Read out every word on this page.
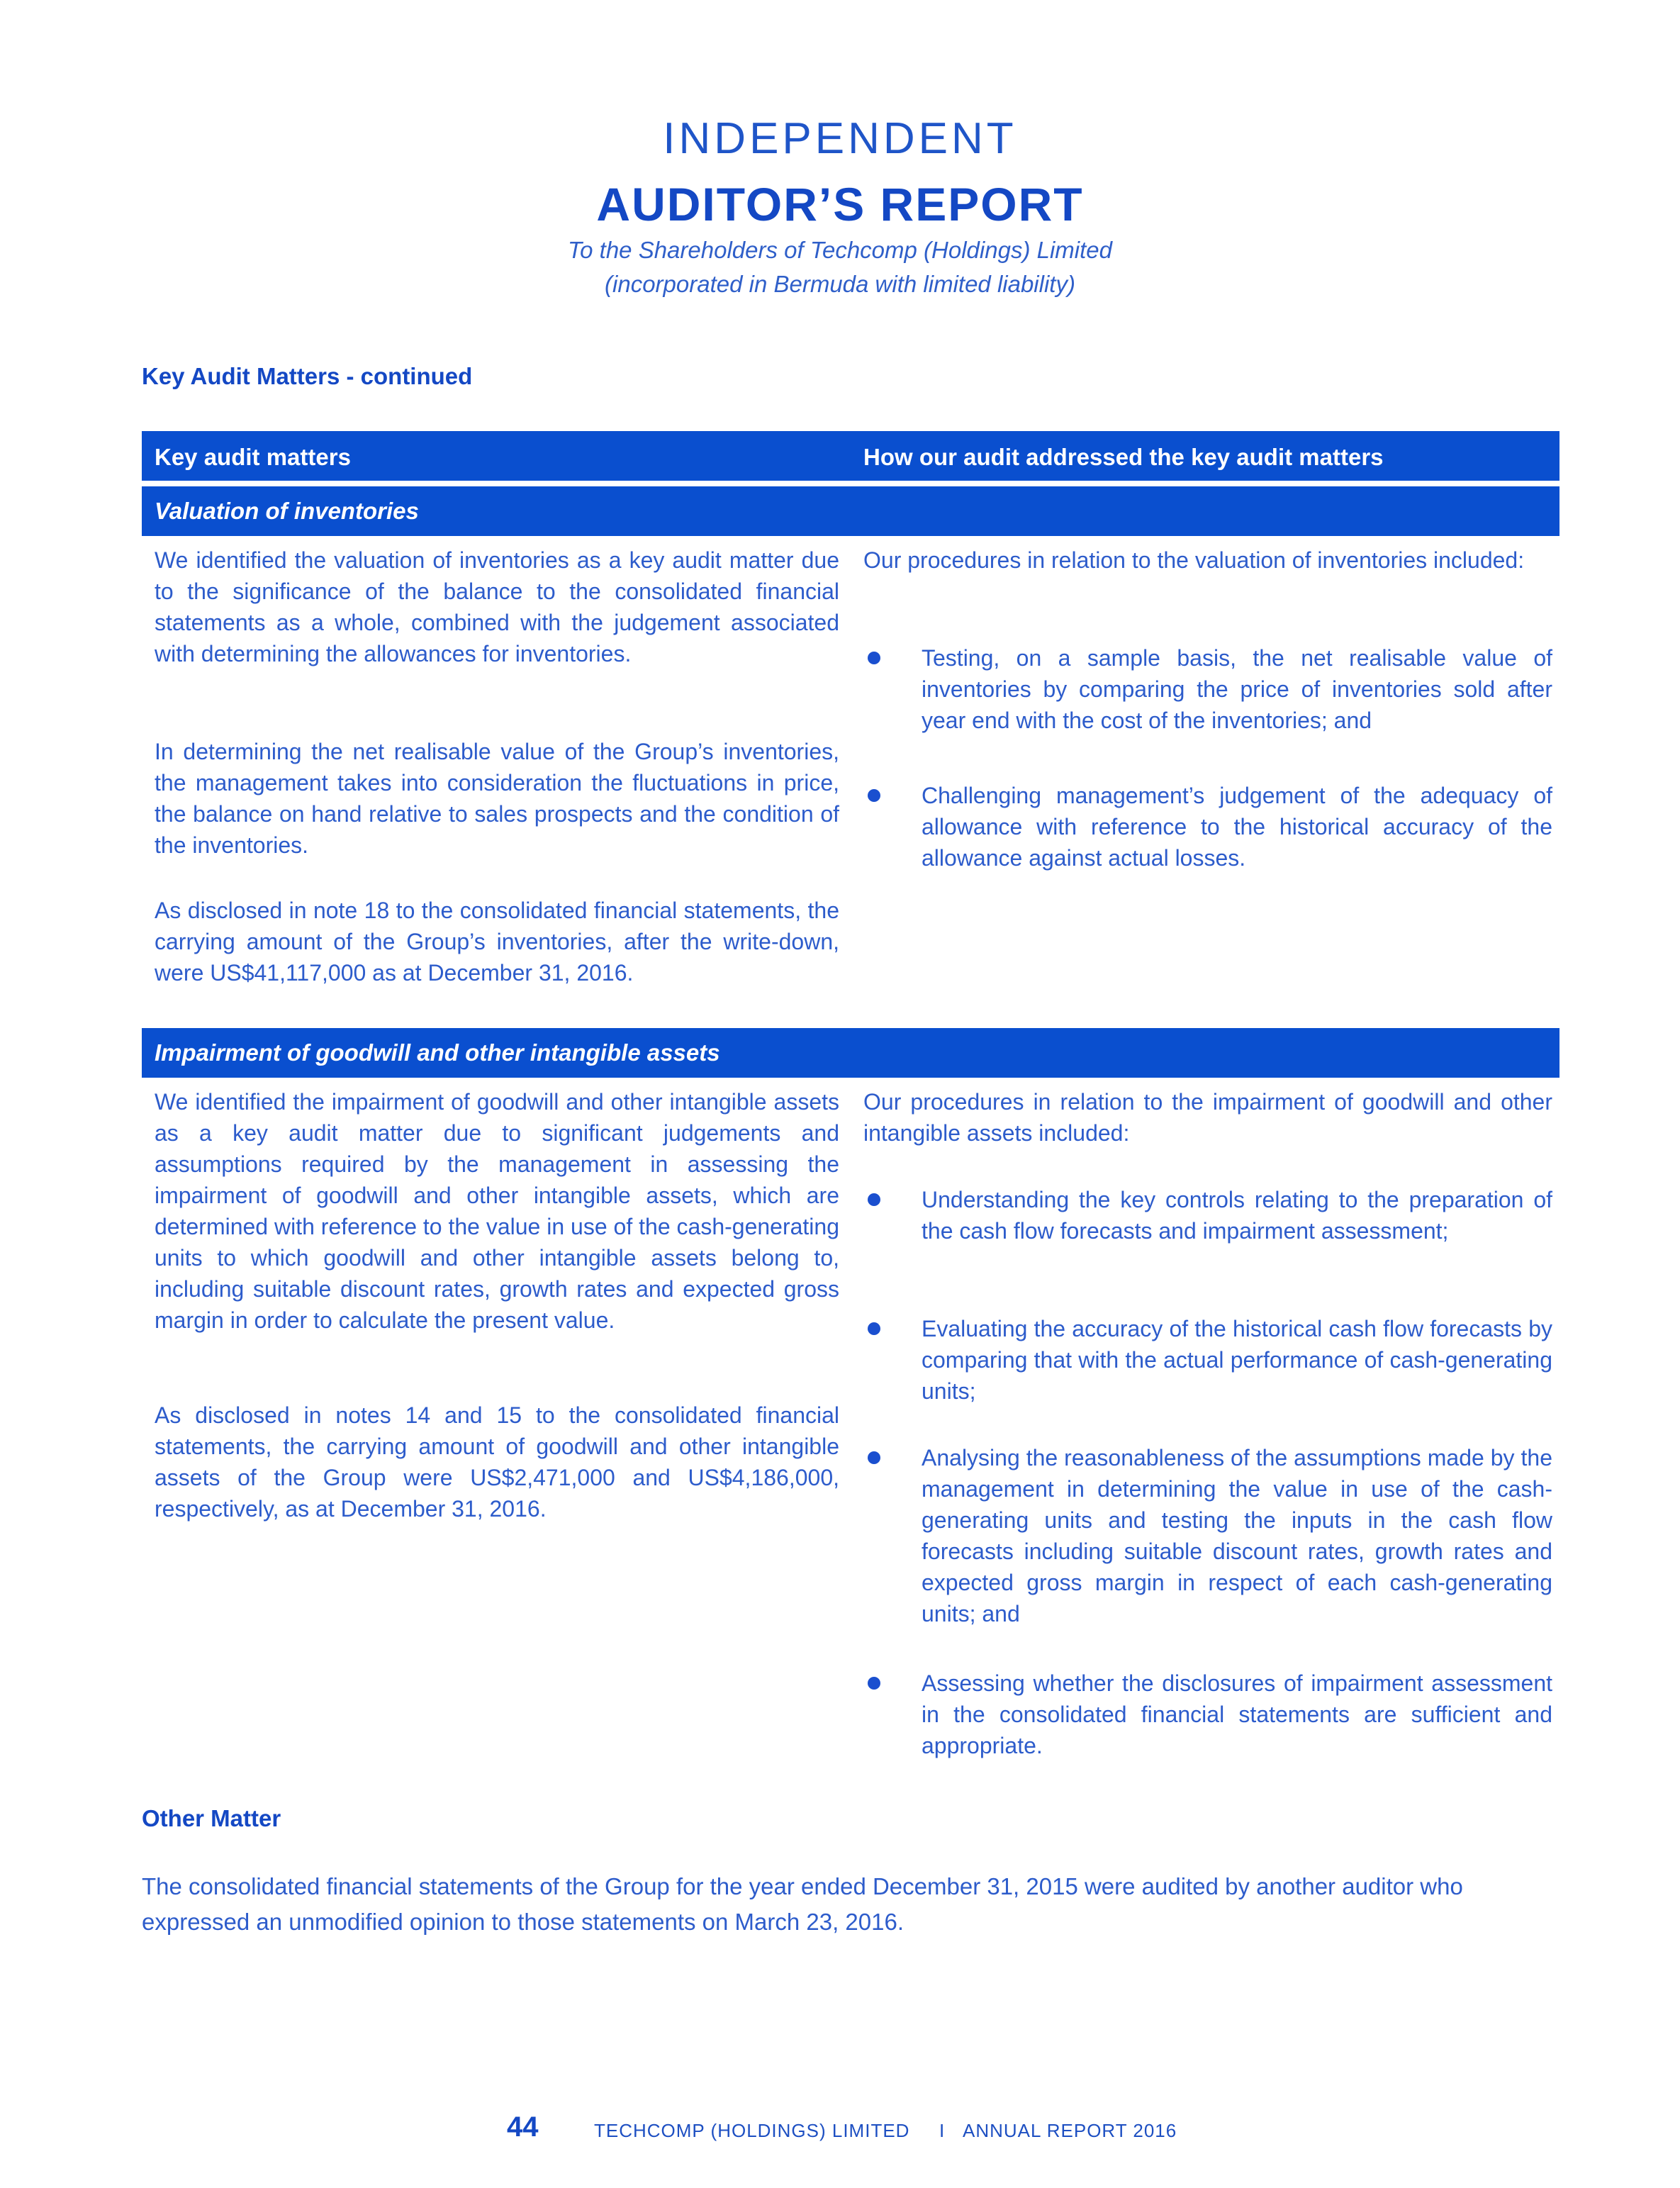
INDEPENDENT
AUDITOR’S REPORT
To the Shareholders of Techcomp (Holdings) Limited
(incorporated in Bermuda with limited liability)
Key Audit Matters - continued
Key audit matters	How our audit addressed the key audit matters
Valuation of inventories
We identified the valuation of inventories as a key audit matter due to the significance of the balance to the consolidated financial statements as a whole, combined with the judgement associated with determining the allowances for inventories.
In determining the net realisable value of the Group’s inventories, the management takes into consideration the fluctuations in price, the balance on hand relative to sales prospects and the condition of the inventories.
As disclosed in note 18 to the consolidated financial statements, the carrying amount of the Group’s inventories, after the write-down, were US$41,117,000 as at December 31, 2016.
Our procedures in relation to the valuation of inventories included:
Testing, on a sample basis, the net realisable value of inventories by comparing the price of inventories sold after year end with the cost of the inventories; and
Challenging management’s judgement of the adequacy of allowance with reference to the historical accuracy of the allowance against actual losses.
Impairment of goodwill and other intangible assets
We identified the impairment of goodwill and other intangible assets as a key audit matter due to significant judgements and assumptions required by the management in assessing the impairment of goodwill and other intangible assets, which are determined with reference to the value in use of the cash-generating units to which goodwill and other intangible assets belong to, including suitable discount rates, growth rates and expected gross margin in order to calculate the present value.
As disclosed in notes 14 and 15 to the consolidated financial statements, the carrying amount of goodwill and other intangible assets of the Group were US$2,471,000 and US$4,186,000, respectively, as at December 31, 2016.
Our procedures in relation to the impairment of goodwill and other intangible assets included:
Understanding the key controls relating to the preparation of the cash flow forecasts and impairment assessment;
Evaluating the accuracy of the historical cash flow forecasts by comparing that with the actual performance of cash-generating units;
Analysing the reasonableness of the assumptions made by the management in determining the value in use of the cash-generating units and testing the inputs in the cash flow forecasts including suitable discount rates, growth rates and expected gross margin in respect of each cash-generating units; and
Assessing whether the disclosures of impairment assessment in the consolidated financial statements are sufficient and appropriate.
Other Matter
The consolidated financial statements of the Group for the year ended December 31, 2015 were audited by another auditor who expressed an unmodified opinion to those statements on March 23, 2016.
44	TECHCOMP (HOLDINGS) LIMITED I ANNUAL REPORT 2016
